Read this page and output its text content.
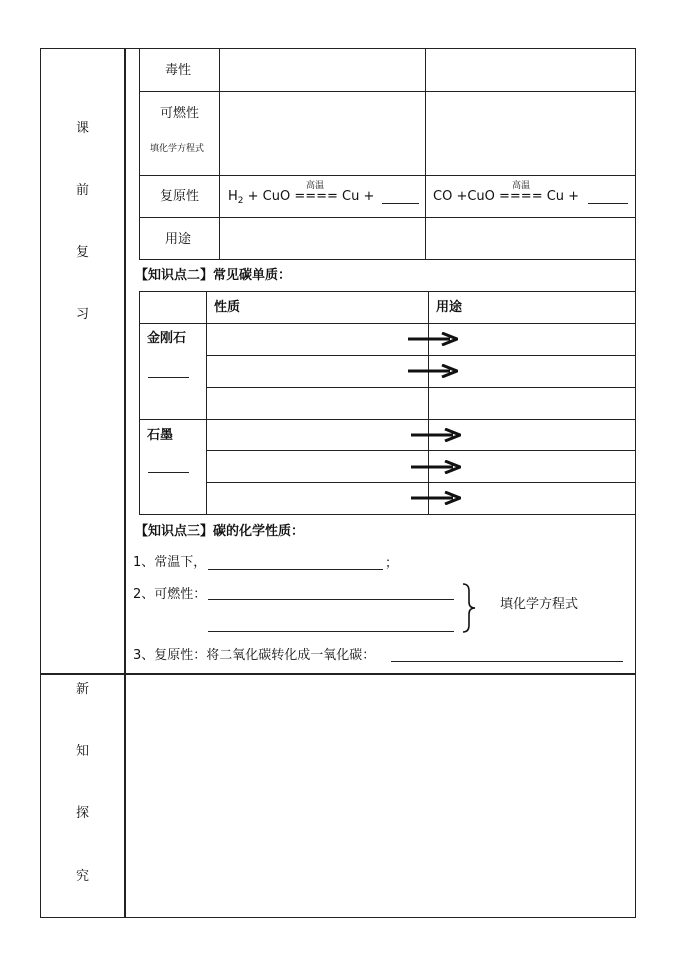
课
前
复
习
新
知
探
究
毒性
可燃性
填化学方程式
复原性
用途
高温
$H_2$ + CuO ==== Cu +
高温
CO +CuO ==== Cu +
【知识点二】常见碳单质：
性质	用途
金刚石
石墨
【知识点三】碳的化学性质：
1、常温下，	；
2、可燃性：
填化学方程式
3、复原性：将二氧化碳转化成一氧化碳：
